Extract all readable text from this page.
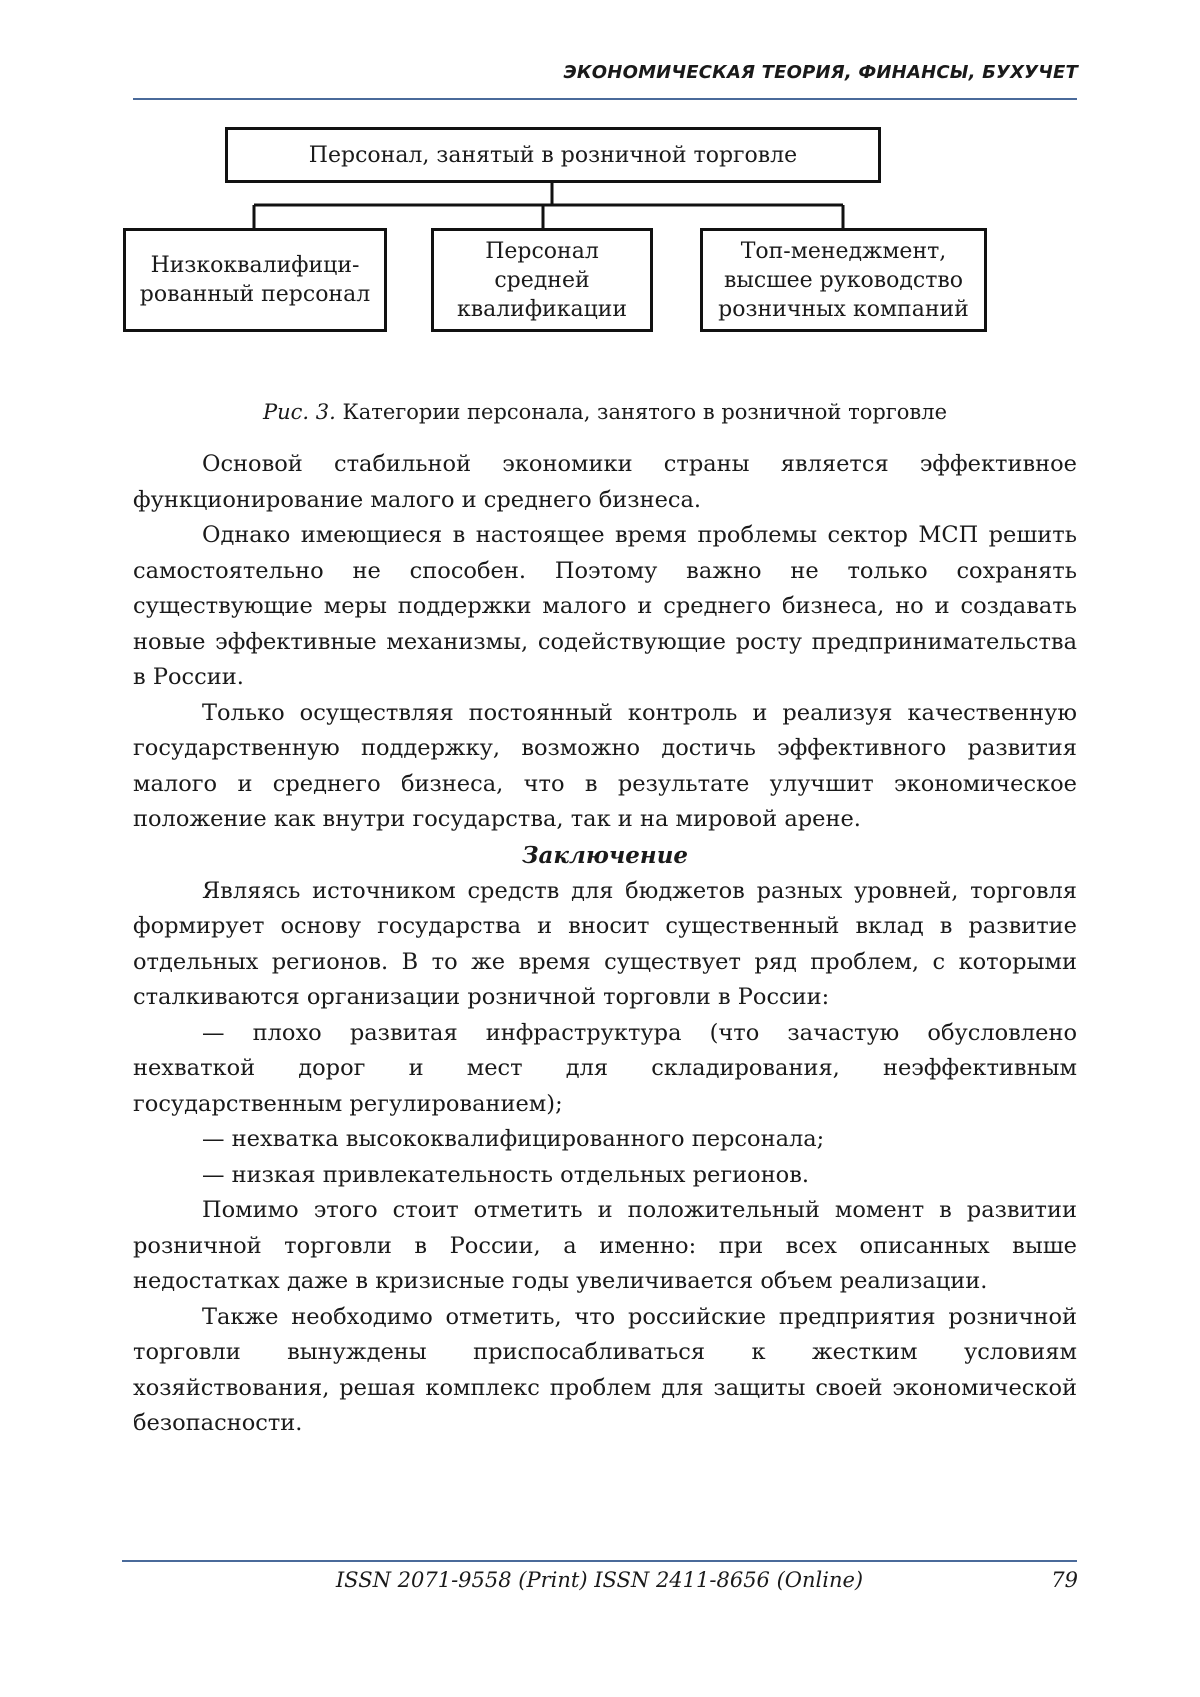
ЭКОНОМИЧЕСКАЯ ТЕОРИЯ, ФИНАНСЫ, БУХУЧЕТ
Персонал, занятый в розничной торговле
Низкоквалифици-рованный персонал
Персонал средней квалификации
Топ-менеджмент, высшее руководство розничных компаний
Рис. 3. Категории персонала, занятого в розничной торговле

Основой стабильной экономики страны является эффективное функционирование малого и среднего бизнеса.

Однако имеющиеся в настоящее время проблемы сектор МСП решить самостоятельно не способен. Поэтому важно не только сохранять существующие меры поддержки малого и среднего бизнеса, но и создавать новые эффективные механизмы, содействующие росту предпринимательства в России.

Только осуществляя постоянный контроль и реализуя качественную государственную поддержку, возможно достичь эффективного развития малого и среднего бизнеса, что в результате улучшит экономическое положение как внутри государства, так и на мировой арене.

Заключение

Являясь источником средств для бюджетов разных уровней, торговля формирует основу государства и вносит существенный вклад в развитие отдельных регионов. В то же время существует ряд проблем, с которыми сталкиваются организации розничной торговли в России:

— плохо развитая инфраструктура (что зачастую обусловлено нехваткой дорог и мест для складирования, неэффективным государственным регулированием);

— нехватка высококвалифицированного персонала;

— низкая привлекательность отдельных регионов.

Помимо этого стоит отметить и положительный момент в развитии розничной торговли в России, а именно: при всех описанных выше недостатках даже в кризисные годы увеличивается объем реализации.

Также необходимо отметить, что российские предприятия розничной торговли вынуждены приспосабливаться к жестким условиям хозяйствования, решая комплекс проблем для защиты своей экономической безопасности.

ISSN 2071-9558 (Print) ISSN 2411-8656 (Online)	79
